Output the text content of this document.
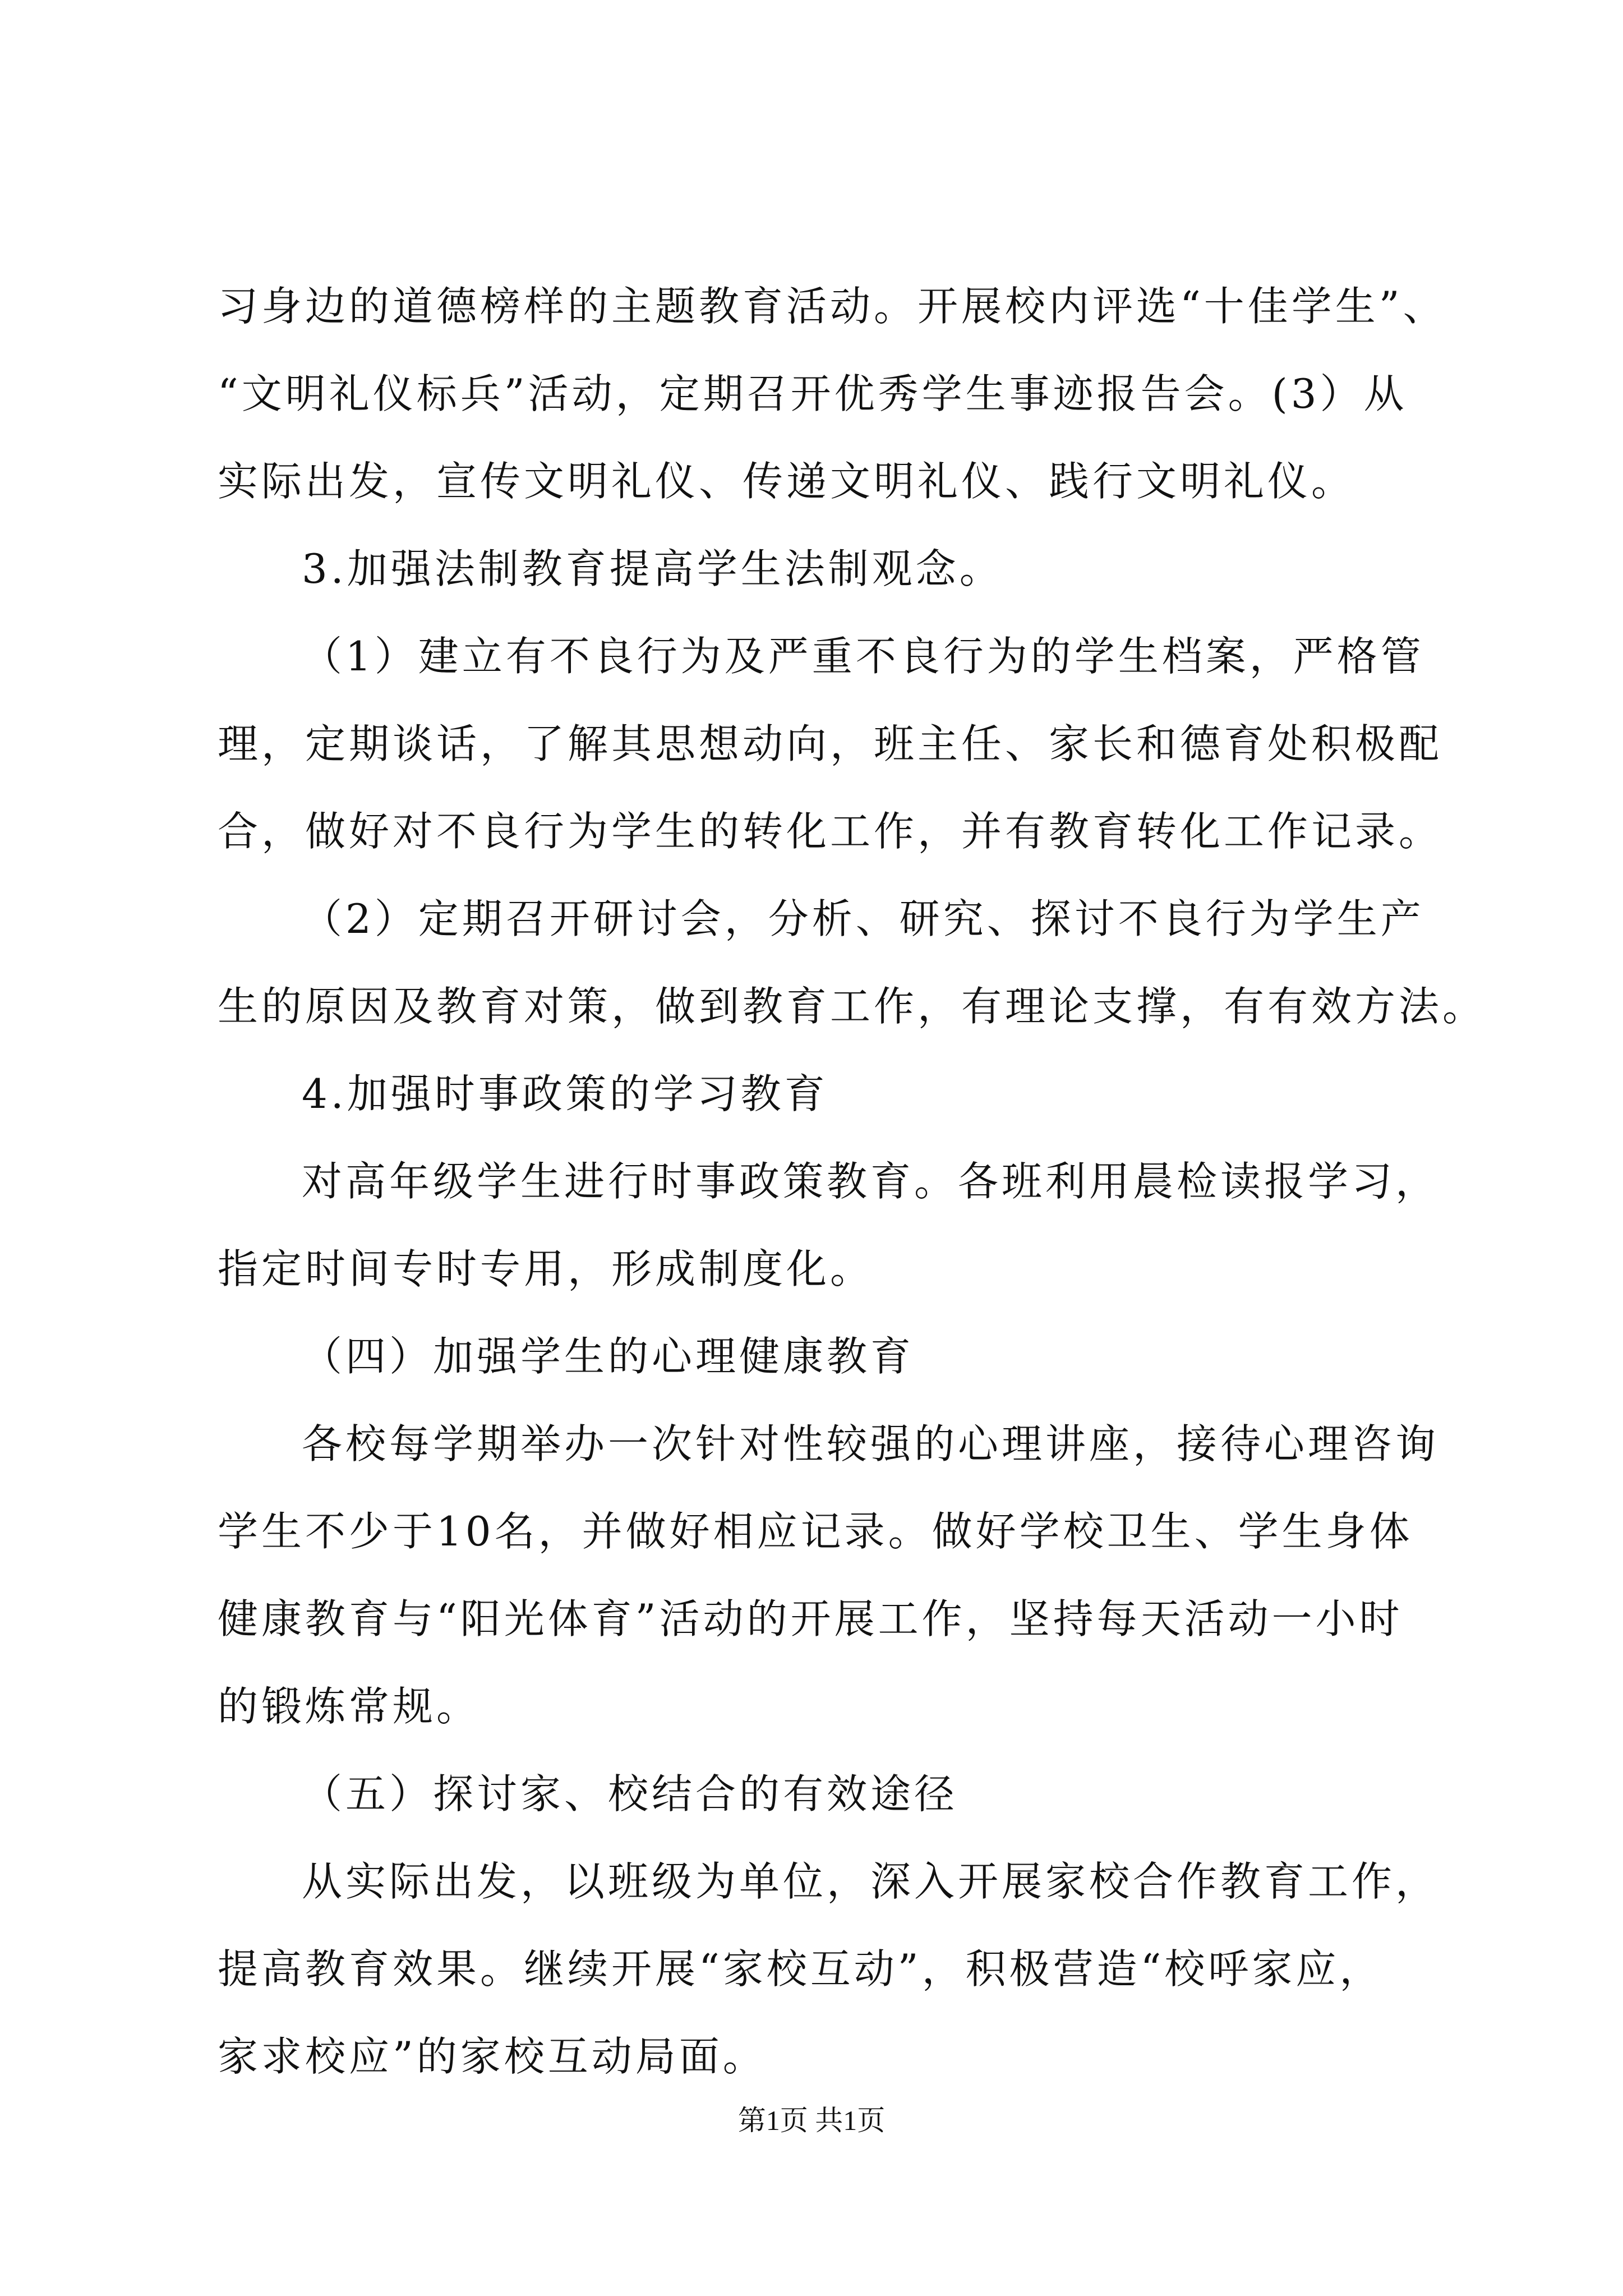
习身边的道德榜样的主题教育活动。开展校内评选“十佳学生”、
“文明礼仪标兵”活动，定期召开优秀学生事迹报告会。(3）从
实际出发，宣传文明礼仪、传递文明礼仪、践行文明礼仪。
3.加强法制教育提高学生法制观念。
（1）建立有不良行为及严重不良行为的学生档案，严格管
理，定期谈话，了解其思想动向，班主任、家长和德育处积极配
合，做好对不良行为学生的转化工作，并有教育转化工作记录。
（2）定期召开研讨会，分析、研究、探讨不良行为学生产
生的原因及教育对策，做到教育工作，有理论支撑，有有效方法。
4.加强时事政策的学习教育
对高年级学生进行时事政策教育。各班利用晨检读报学习，
指定时间专时专用，形成制度化。
（四）加强学生的心理健康教育
各校每学期举办一次针对性较强的心理讲座，接待心理咨询
学生不少于10名，并做好相应记录。做好学校卫生、学生身体
健康教育与“阳光体育”活动的开展工作，坚持每天活动一小时
的锻炼常规。
（五）探讨家、校结合的有效途径
从实际出发，以班级为单位，深入开展家校合作教育工作，
提高教育效果。继续开展“家校互动”，积极营造“校呼家应，
家求校应”的家校互动局面。
第1页 共1页
